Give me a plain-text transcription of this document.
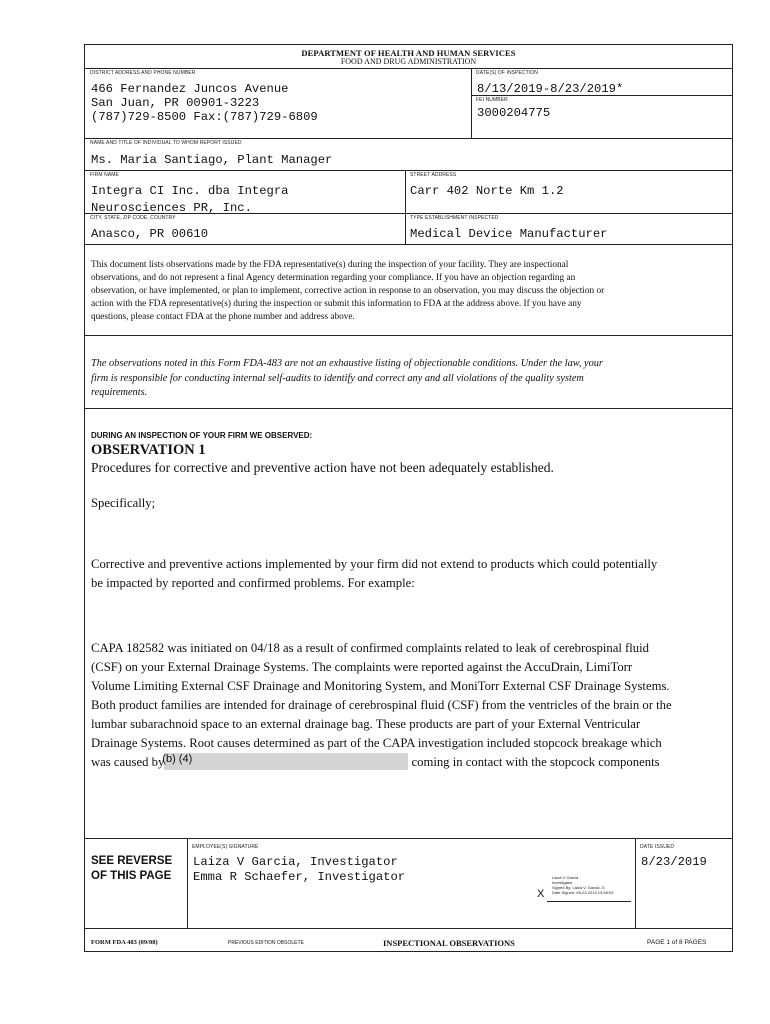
DEPARTMENT OF HEALTH AND HUMAN SERVICES
FOOD AND DRUG ADMINISTRATION
DISTRICT ADDRESS AND PHONE NUMBER
466 Fernandez Juncos Avenue
San Juan, PR 00901-3223
(787)729-8500 Fax:(787)729-6809
DATE(S) OF INSPECTION
8/13/2019-8/23/2019*
FEI NUMBER
3000204775
NAME AND TITLE OF INDIVIDUAL TO WHOM REPORT ISSUED
Ms. Maria Santiago, Plant Manager
FIRM NAME
Integra CI Inc. dba Integra
Neurosciences PR, Inc.
STREET ADDRESS
Carr 402 Norte Km 1.2
CITY, STATE, ZIP CODE, COUNTRY
Anasco, PR 00610
TYPE ESTABLISHMENT INSPECTED
Medical Device Manufacturer
This document lists observations made by the FDA representative(s) during the inspection of your facility. They are inspectional
observations, and do not represent a final Agency determination regarding your compliance. If you have an objection regarding an
observation, or have implemented, or plan to implement, corrective action in response to an observation, you may discuss the objection or
action with the FDA representative(s) during the inspection or submit this information to FDA at the address above. If you have any
questions, please contact FDA at the phone number and address above.
The observations noted in this Form FDA-483 are not an exhaustive listing of objectionable conditions. Under the law, your
firm is responsible for conducting internal self-audits to identify and correct any and all violations of the quality system
requirements.
DURING AN INSPECTION OF YOUR FIRM WE OBSERVED:
OBSERVATION 1
Procedures for corrective and preventive action have not been adequately established.
Specifically;
Corrective and preventive actions implemented by your firm did not extend to products which could potentially
be impacted by reported and confirmed problems. For example:
CAPA 182582 was initiated on 04/18 as a result of confirmed complaints related to leak of cerebrospinal fluid
(CSF) on your External Drainage Systems. The complaints were reported against the AccuDrain, LimiTorr
Volume Limiting External CSF Drainage and Monitoring System, and MoniTorr External CSF Drainage Systems.
Both product families are intended for drainage of cerebrospinal fluid (CSF) from the ventricles of the brain or the
lumbar subarachnoid space to an external drainage bag. These products are part of your External Ventricular
Drainage Systems. Root causes determined as part of the CAPA investigation included stopcock breakage which
was caused by
(b) (4)	coming in contact with the stopcock components
SEE REVERSE
OF THIS PAGE
EMPLOYEE(S) SIGNATURE
Laiza V Garcia, Investigator
Emma R Schaefer, Investigator	Laiza V Garcia
Investigator
Signed By: Laiza V. Garcia -S
Date Signed: 08-23-2019 13:58:03
X
DATE ISSUED
8/23/2019
FORM FDA 483 (09/08)	PREVIOUS EDITION OBSOLETE	INSPECTIONAL OBSERVATIONS	PAGE 1 of 8 PAGES
